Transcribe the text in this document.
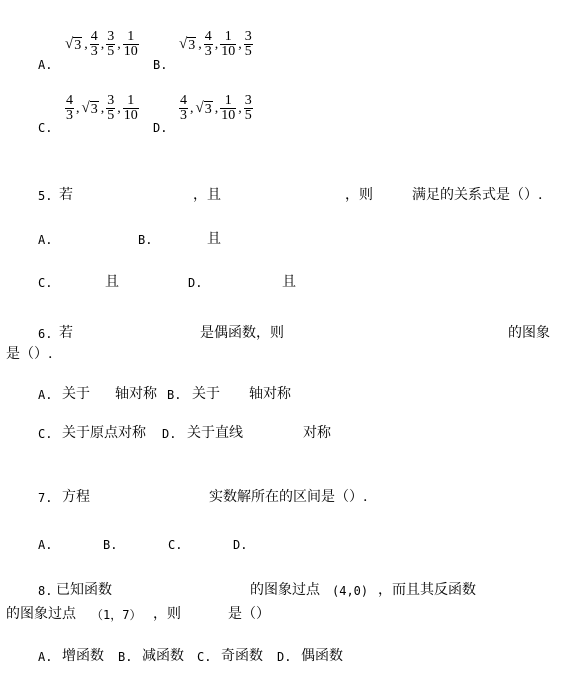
A.
√ 3 , $\frac{4}{3}$ , $\frac{3}{5}$ , $\frac{1}{10}$
B.
√ 3 , $\frac{4}{3}$ , $\frac{1}{10}$ , $\frac{3}{5}$
C.
$\frac{4}{3}$ , √ 3 , $\frac{3}{5}$ , $\frac{1}{10}$
D.
$\frac{4}{3}$ , √ 3 , $\frac{1}{10}$ , $\frac{3}{5}$
5. 若	，且	，则	满足的关系式是（）.
A.	B.	且
C.	且	D.	且
6. 若	是偶函数，则	的图象
是（）.
A. 关于 轴对称 B. 关于 轴对称
C. 关于原点对称 D. 关于直线	对称
7. 方程	实数解所在的区间是（）.
A.	B.	C.	D.
8. 已知函数	的图象过点 (4,0) ，而且其反函数
的图象过点 （1，7） ，则	是（）
A. 增函数 B. 减函数 C. 奇函数 D. 偶函数
